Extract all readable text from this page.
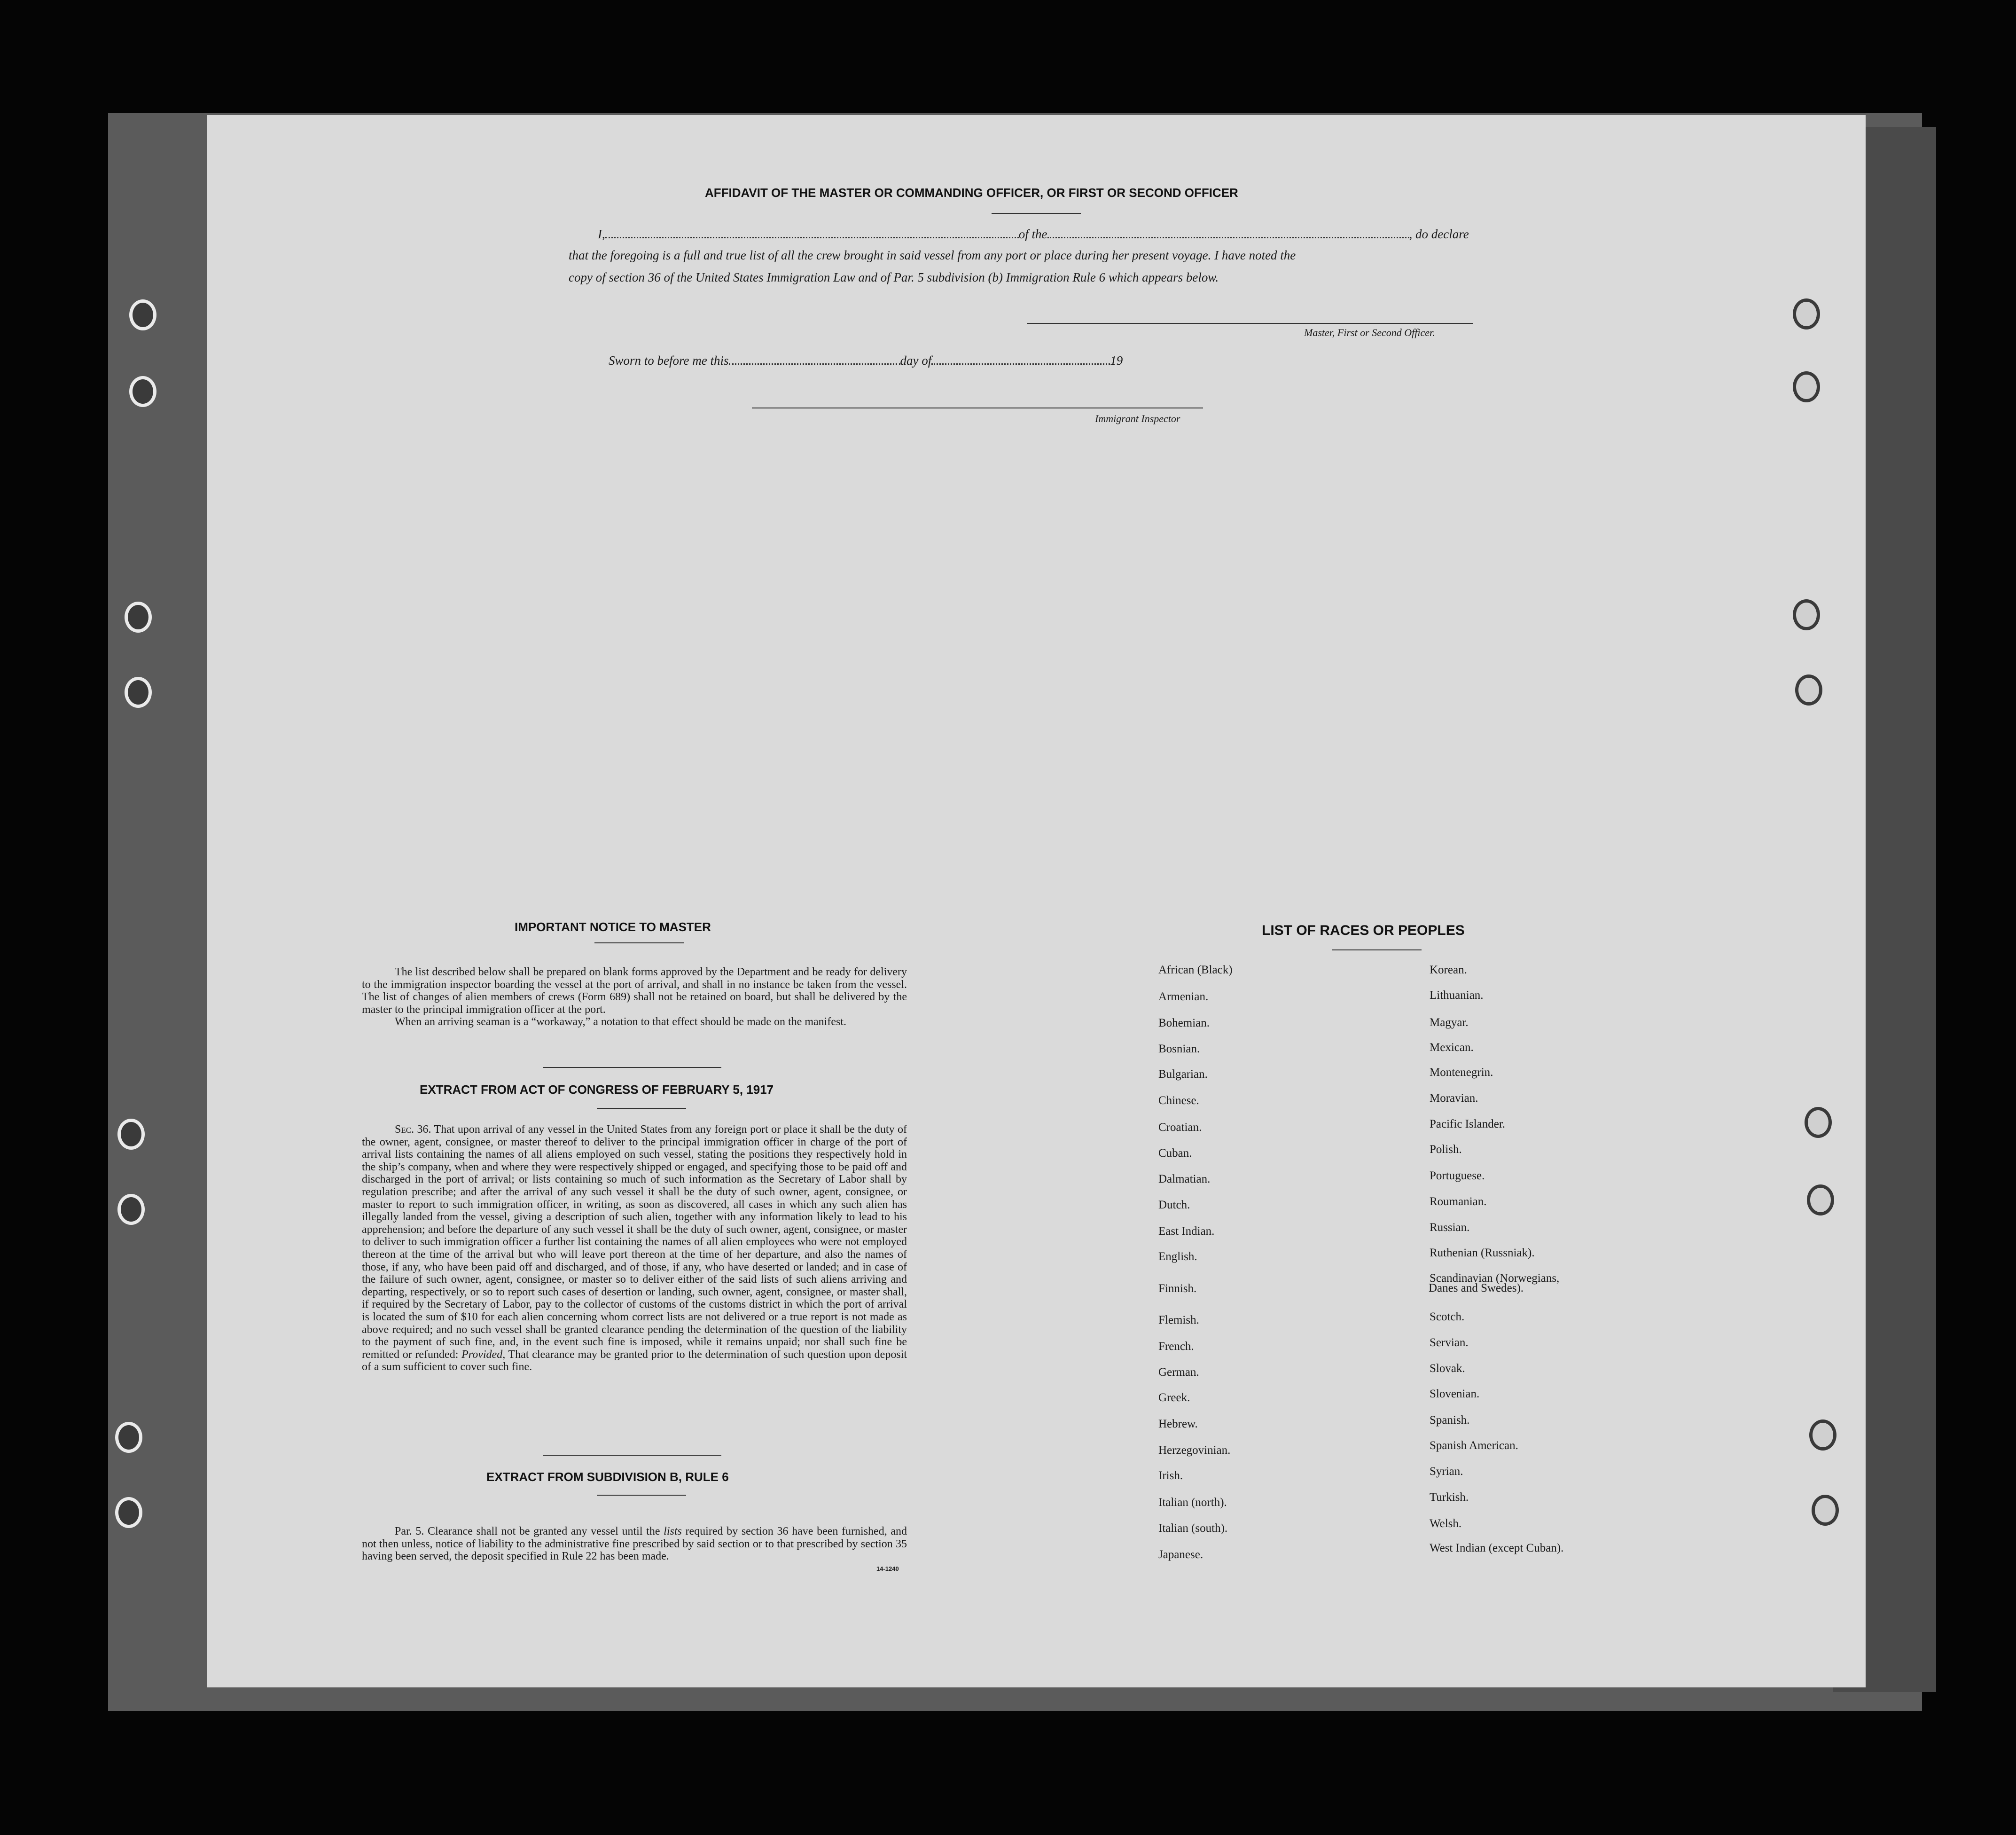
AFFIDAVIT OF THE MASTER OR COMMANDING OFFICER, OR FIRST OR SECOND OFFICER
I,	of the	, do declare
that the foregoing is a full and true list of all the crew brought in said vessel from any port or place during her present voyage. I have noted the
copy of section 36 of the United States Immigration Law and of Par. 5 subdivision (b) Immigration Rule 6 which appears below.
Master, First or Second Officer.
Sworn to before me this	day of	19
Immigrant Inspector
IMPORTANT NOTICE TO MASTER

The list described below shall be prepared on blank forms approved by the Department and be ready for delivery to the immigration inspector boarding the vessel at the port of arrival, and shall in no instance be taken from the vessel. The list of changes of alien members of crews (Form 689) shall not be retained on board, but shall be delivered by the master to the principal immigration officer at the port.

When an arriving seaman is a “workaway,” a notation to that effect should be made on the manifest.

EXTRACT FROM ACT OF CONGRESS OF FEBRUARY 5, 1917

Sec. 36. That upon arrival of any vessel in the United States from any foreign port or place it shall be the duty of the owner, agent, consignee, or master thereof to deliver to the principal immigration officer in charge of the port of arrival lists containing the names of all aliens employed on such vessel, stating the positions they respectively hold in the ship’s company, when and where they were respectively shipped or engaged, and specifying those to be paid off and discharged in the port of arrival; or lists containing so much of such information as the Secretary of Labor shall by regulation prescribe; and after the arrival of any such vessel it shall be the duty of such owner, agent, consignee, or master to report to such immigration officer, in writing, as soon as discovered, all cases in which any such alien has illegally landed from the vessel, giving a description of such alien, together with any information likely to lead to his apprehension; and before the departure of any such vessel it shall be the duty of such owner, agent, consignee, or master to deliver to such immigration officer a further list containing the names of all alien employees who were not employed thereon at the time of the arrival but who will leave port thereon at the time of her departure, and also the names of those, if any, who have been paid off and discharged, and of those, if any, who have deserted or landed; and in case of the failure of such owner, agent, consignee, or master so to deliver either of the said lists of such aliens arriving and departing, respectively, or so to report such cases of desertion or landing, such owner, agent, consignee, or master shall, if required by the Secretary of Labor, pay to the collector of customs of the customs district in which the port of arrival is located the sum of $10 for each alien concerning whom correct lists are not delivered or a true report is not made as above required; and no such vessel shall be granted clearance pending the determination of the question of the liability to the payment of such fine, and, in the event such fine is imposed, while it remains unpaid; nor shall such fine be remitted or refunded: Provided, That clearance may be granted prior to the determination of such question upon deposit of a sum sufficient to cover such fine.

EXTRACT FROM SUBDIVISION B, RULE 6

Par. 5. Clearance shall not be granted any vessel until the lists required by section 36 have been furnished, and not then unless, notice of liability to the administrative fine prescribed by said section or to that prescribed by section 35 having been served, the deposit specified in Rule 22 has been made.

14-1240
LIST OF RACES OR PEOPLES
African (Black)
Armenian.
Bohemian.
Bosnian.
Bulgarian.
Chinese.
Croatian.
Cuban.
Dalmatian.
Dutch.
East Indian.
English.
Finnish.
Flemish.
French.
German.
Greek.
Hebrew.
Herzegovinian.
Irish.
Italian (north).
Italian (south).
Japanese.
Korean.
Lithuanian.
Magyar.
Mexican.
Montenegrin.
Moravian.
Pacific Islander.
Polish.
Portuguese.
Roumanian.
Russian.
Ruthenian (Russniak).
Scandinavian (Norwegians,
Scotch.
Servian.
Slovak.
Slovenian.
Spanish.
Spanish American.
Syrian.
Turkish.
Welsh.
West Indian (except Cuban).
Danes and Swedes).
